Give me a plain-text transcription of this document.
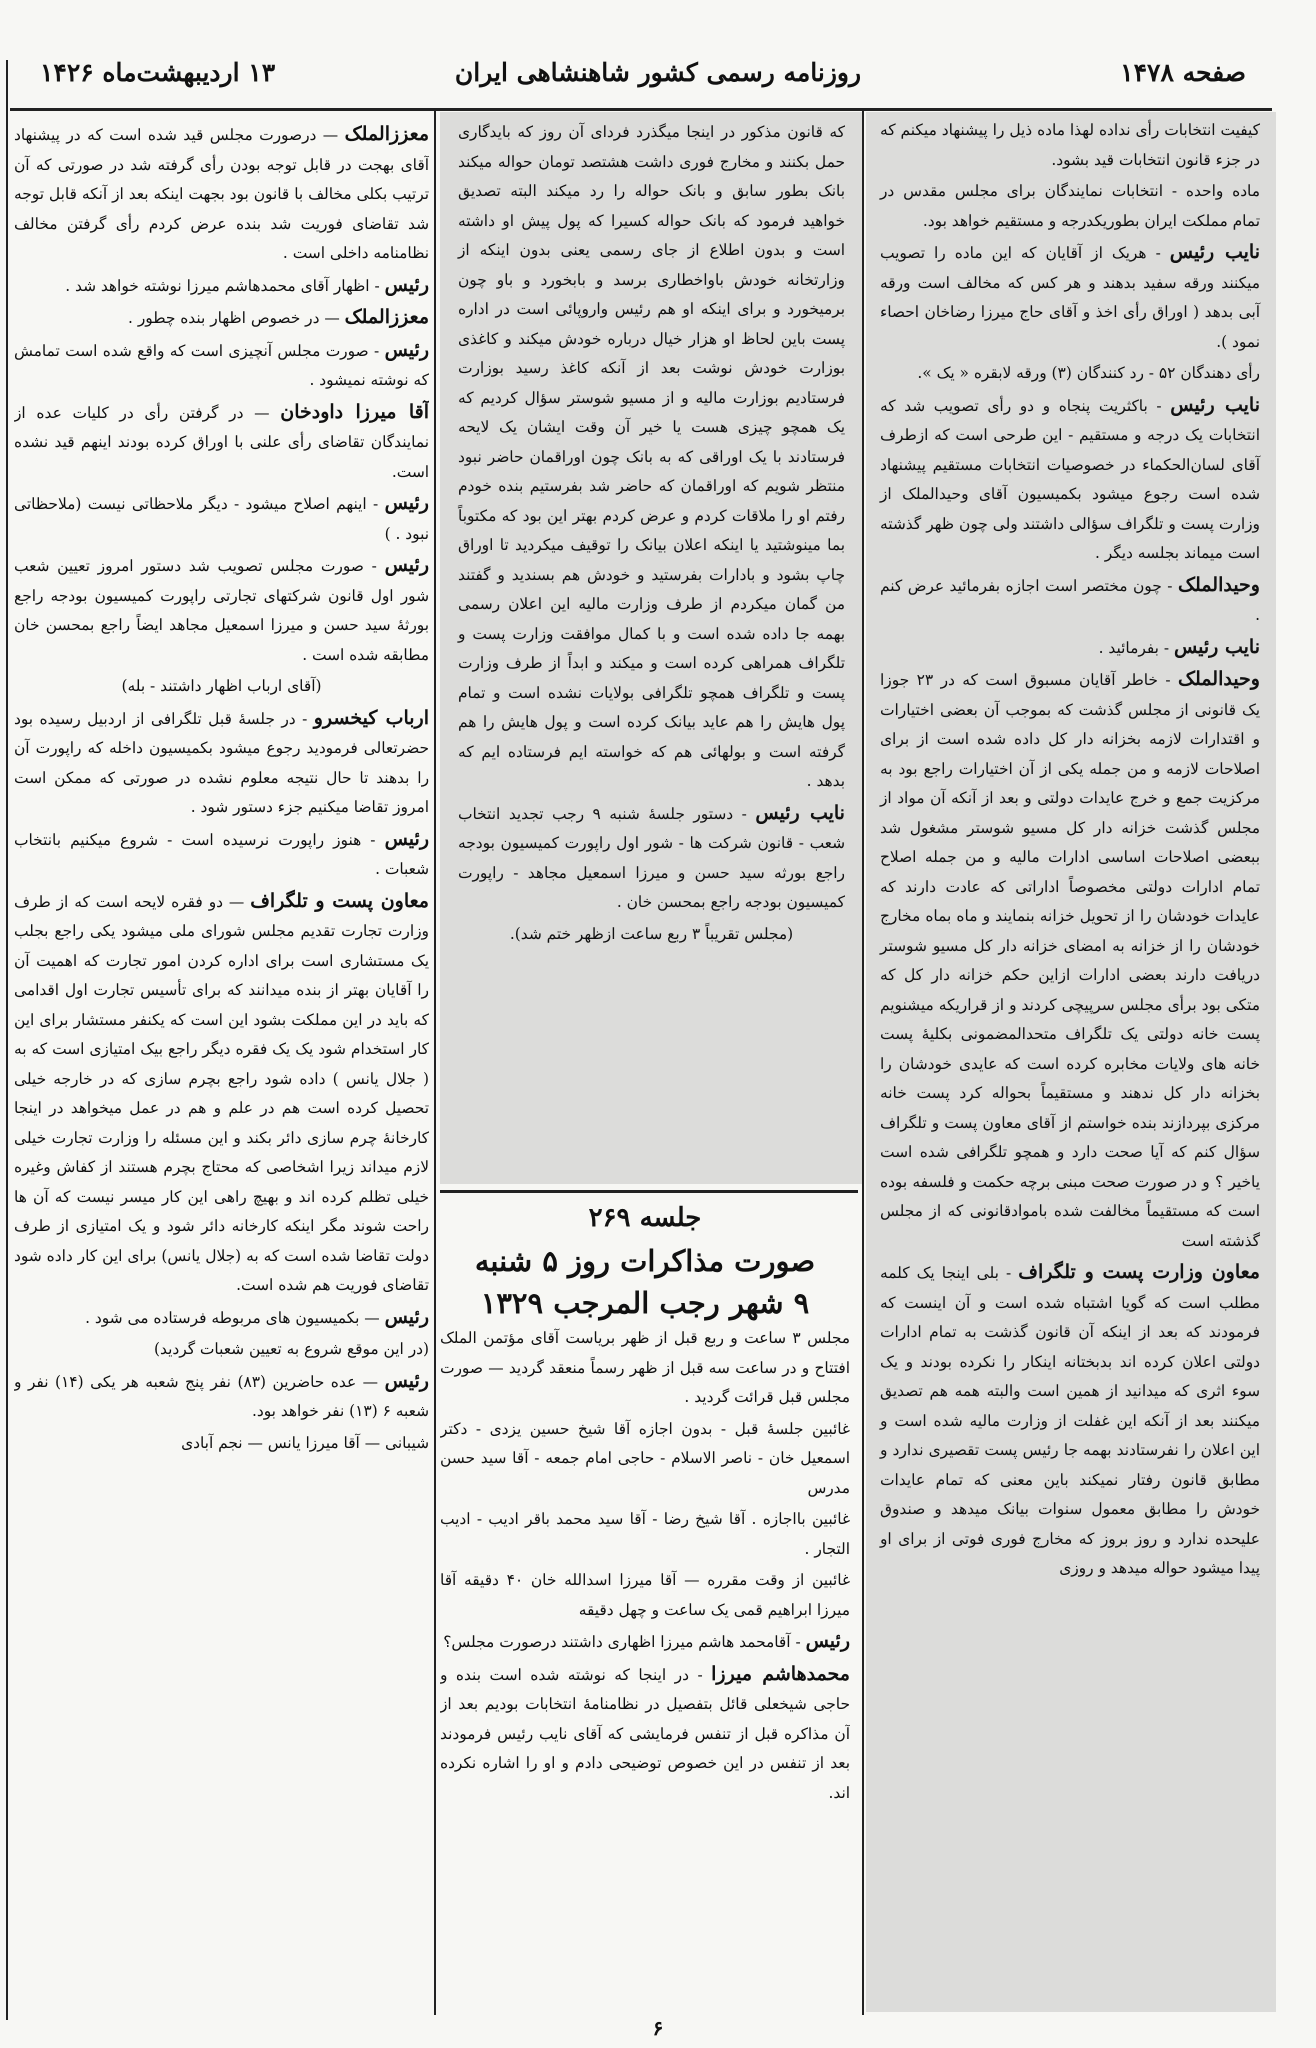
۱۳ اردیبهشت‌ماه ۱۴۲۶	روزنامه رسمی کشور شاهنشاهی ایران	صفحه ۱۴۷۸

کیفیت انتخابات رأی نداده لهذا ماده ذیل را پیشنهاد میکنم که در جزء قانون انتخابات قید بشود.

ماده واحده - انتخابات نمایندگان برای مجلس مقدس در تمام مملکت ایران بطوریکدرجه و مستقیم خواهد بود.

نایب رئیس - هریک از آقایان که این ماده را تصویب میکنند ورقه سفید بدهند و هر کس که مخالف است ورقه آبی بدهد ( اوراق رأی اخذ و آقای حاج میرزا رضاخان احصاء نمود ).

رأی دهندگان ۵۲ - رد کنندگان (۳) ورقه لابقره « یک ».

نایب رئیس - باکثریت پنجاه و دو رأی تصویب شد که انتخابات یک درجه و مستقیم - این طرحی است که ازطرف آقای لسان‌الحکماء در خصوصیات انتخابات مستقیم پیشنهاد شده است رجوع میشود بکمیسیون آقای وحیدالملک از وزارت پست و تلگراف سؤالی داشتند ولی چون ظهر گذشته است میماند بجلسه دیگر .

وحیدالملک - چون مختصر است اجازه بفرمائید عرض کنم .

نایب رئیس - بفرمائید .

وحیدالملک - خاطر آقایان مسبوق است که در ۲۳ جوزا یک قانونی از مجلس گذشت که بموجب آن بعضی اختیارات و اقتدارات لازمه بخزانه دار کل داده شده است از برای اصلاحات لازمه و من جمله یکی از آن اختیارات راجع بود به مرکزیت جمع و خرج عایدات دولتی و بعد از آنکه آن مواد از مجلس گذشت خزانه دار کل مسیو شوستر مشغول شد ببعضی اصلاحات اساسی ادارات مالیه و من جمله اصلاح تمام ادارات دولتی مخصوصاً اداراتی که عادت دارند که عایدات خودشان را از تحویل خزانه بنمایند و ماه بماه مخارج خودشان را از خزانه به امضای خزانه دار کل مسیو شوستر دریافت دارند بعضی ادارات ازاین حکم خزانه دار کل که متکی بود برأی مجلس سرپیچی کردند و از قراریکه میشنویم پست خانه دولتی یک تلگراف متحدالمضمونی بکلیهٔ پست خانه های ولایات مخابره کرده است که عایدی خودشان را بخزانه دار کل ندهند و مستقیماً بحواله کرد پست خانه مرکزی بپردازند بنده خواستم از آقای معاون پست و تلگراف سؤال کنم که آیا صحت دارد و همچو تلگرافی شده است یاخیر ؟ و در صورت صحت مبنی برچه حکمت و فلسفه بوده است که مستقیماً مخالفت شده باموادقانونی که از مجلس گذشته است

معاون وزارت پست و تلگراف - بلی اینجا یک کلمه مطلب است که گویا اشتباه شده است و آن اینست که فرمودند که بعد از اینکه آن قانون گذشت به تمام ادارات دولتی اعلان کرده اند بدبختانه اینکار را نکرده بودند و یک سوء اثری که میدانید از همین است والبته همه هم تصدیق میکنند بعد از آنکه این غفلت از وزارت مالیه شده است و این اعلان را نفرستادند بهمه جا رئیس پست تقصیری ندارد و مطابق قانون رفتار نمیکند باین معنی که تمام عایدات خودش را مطابق معمول سنوات بیانک میدهد و صندوق علیحده ندارد و روز بروز که مخارج فوری فوتی از برای او پیدا میشود حواله میدهد و روزی

که قانون مذکور در اینجا میگذرد فردای آن روز که بایدگاری حمل بکنند و مخارج فوری داشت هشتصد تومان حواله میکند بانک بطور سابق و بانک حواله را رد میکند البته تصدیق خواهید فرمود که بانک حواله کسیرا که پول پیش او داشته است و بدون اطلاع از جای رسمی یعنی بدون اینکه از وزارتخانه خودش باواخطاری برسد و بابخورد و باو چون برمیخورد و برای اینکه او هم رئیس واروپائی است در اداره پست باین لحاظ او هزار خیال درباره خودش میکند و کاغذی بوزارت خودش نوشت بعد از آنکه کاغذ رسید بوزارت فرستادیم بوزارت مالیه و از مسیو شوستر سؤال کردیم که یک همچو چیزی هست یا خیر آن وقت ایشان یک لایحه فرستادند با یک اوراقی که به بانک چون اوراقمان حاضر نبود منتظر شویم که اوراقمان که حاضر شد بفرستیم بنده خودم رفتم او را ملاقات کردم و عرض کردم بهتر این بود که مکتوباً بما مینوشتید یا اینکه اعلان بیانک را توقیف میکردید تا اوراق چاپ بشود و بادارات بفرستید و خودش هم بسندید و گفتند من گمان میکردم از طرف وزارت مالیه این اعلان رسمی بهمه جا داده شده است و با کمال موافقت وزارت پست و تلگراف همراهی کرده است و میکند و ابداً از طرف وزارت پست و تلگراف همچو تلگرافی بولایات نشده است و تمام پول هایش را هم عاید بیانک کرده است و پول هایش را هم گرفته است و بولهائی هم که خواسته ایم فرستاده ایم که بدهد .

نایب رئیس - دستور جلسهٔ شنبه ۹ رجب تجدید انتخاب شعب - قانون شرکت ها - شور اول راپورت کمیسیون بودجه راجع بورثه سید حسن و میرزا اسمعیل مجاهد - راپورت کمیسیون بودجه راجع بمحسن خان .

(مجلس تقریباً ۳ ربع ساعت ازظهر ختم شد).

جلسه ۲۶۹
صورت مذاکرات روز ۵ شنبه
۹ شهر رجب المرجب ۱۳۲۹

مجلس ۳ ساعت و ربع قبل از ظهر بریاست آقای مؤتمن الملک افتتاح و در ساعت سه قبل از ظهر رسماً منعقد گردید — صورت مجلس قبل قرائت گردید .

غائبین جلسهٔ قبل - بدون اجازه آقا شیخ حسین یزدی - دکتر اسمعیل خان - ناصر الاسلام - حاجی امام جمعه - آقا سید حسن مدرس

غائبین بااجازه . آقا شیخ رضا - آقا سید محمد باقر ادیب - ادیب التجار .

غائبین از وقت مقرره — آقا میرزا اسدالله خان ۴۰ دقیقه آقا میرزا ابراهیم قمی یک ساعت و چهل دقیقه

رئیس - آقامحمد هاشم میرزا اظهاری داشتند درصورت مجلس؟

محمدهاشم میرزا - در اینجا که نوشته شده است بنده و حاجی شیخعلی قائل بتفصیل در نظامنامهٔ انتخابات بودیم بعد از آن مذاکره قبل از تنفس فرمایشی که آقای نایب رئیس فرمودند بعد از تنفس در این خصوص توضیحی دادم و او را اشاره نکرده اند.

معززالملک — درصورت مجلس قید شده است که در پیشنهاد آقای بهجت در قابل توجه بودن رأی گرفته شد در صورتی که آن ترتیب بکلی مخالف با قانون بود بجهت اینکه بعد از آنکه قابل توجه شد تقاضای فوریت شد بنده عرض کردم رأی گرفتن مخالف نظامنامه داخلی است .

رئیس - اظهار آقای محمدهاشم میرزا نوشته خواهد شد .

معززالملک — در خصوص اظهار بنده چطور .

رئیس - صورت مجلس آنچیزی است که واقع شده است تمامش که نوشته نمیشود .

آقا میرزا داودخان — در گرفتن رأی در کلیات عده از نمایندگان تقاضای رأی علنی با اوراق کرده بودند اینهم قید نشده است.

رئیس - اینهم اصلاح میشود - دیگر ملاحظاتی نیست (ملاحظاتی نبود . )

رئیس - صورت مجلس تصویب شد دستور امروز تعیین شعب شور اول قانون شرکتهای تجارتی راپورت کمیسیون بودجه راجع بورثهٔ سید حسن و میرزا اسمعیل مجاهد ایضاً راجع بمحسن خان مطابقه شده است .

(آقای ارباب اظهار داشتند - بله)

ارباب کیخسرو - در جلسهٔ قبل تلگرافی از اردبیل رسیده بود حضرتعالی فرمودید رجوع میشود بکمیسیون داخله که راپورت آن را بدهند تا حال نتیجه معلوم نشده در صورتی که ممکن است امروز تقاضا میکنیم جزء دستور شود .

رئیس - هنوز راپورت نرسیده است - شروع میکنیم بانتخاب شعبات .

معاون پست و تلگراف — دو فقره لایحه است که از طرف وزارت تجارت تقدیم مجلس شورای ملی میشود یکی راجع بجلب یک مستشاری است برای اداره کردن امور تجارت که اهمیت آن را آقایان بهتر از بنده میدانند که برای تأسیس تجارت اول اقدامی که باید در این مملکت بشود این است که یکنفر مستشار برای این کار استخدام شود یک یک فقره دیگر راجع بیک امتیازی است که به ( جلال یانس ) داده شود راجع بچرم سازی که در خارجه خیلی تحصیل کرده است هم در علم و هم در عمل میخواهد در اینجا کارخانهٔ چرم سازی دائر بکند و این مسئله را وزارت تجارت خیلی لازم میداند زیرا اشخاصی که محتاج بچرم هستند از کفاش وغیره خیلی تظلم کرده اند و بهیچ راهی این کار میسر نیست که آن ها راحت شوند مگر اینکه کارخانه دائر شود و یک امتیازی از طرف دولت تقاضا شده است که به (جلال یانس) برای این کار داده شود تقاضای فوریت هم شده است.

رئیس — بکمیسیون های مربوطه فرستاده می شود .

(در این موقع شروع به تعیین شعبات گردید)

رئیس — عده حاضرین (۸۳) نفر پنج شعبه هر یکی (۱۴) نفر و شعبه ۶ (۱۳) نفر خواهد بود.

شیبانی — آقا میرزا یانس — نجم آبادی

۶
